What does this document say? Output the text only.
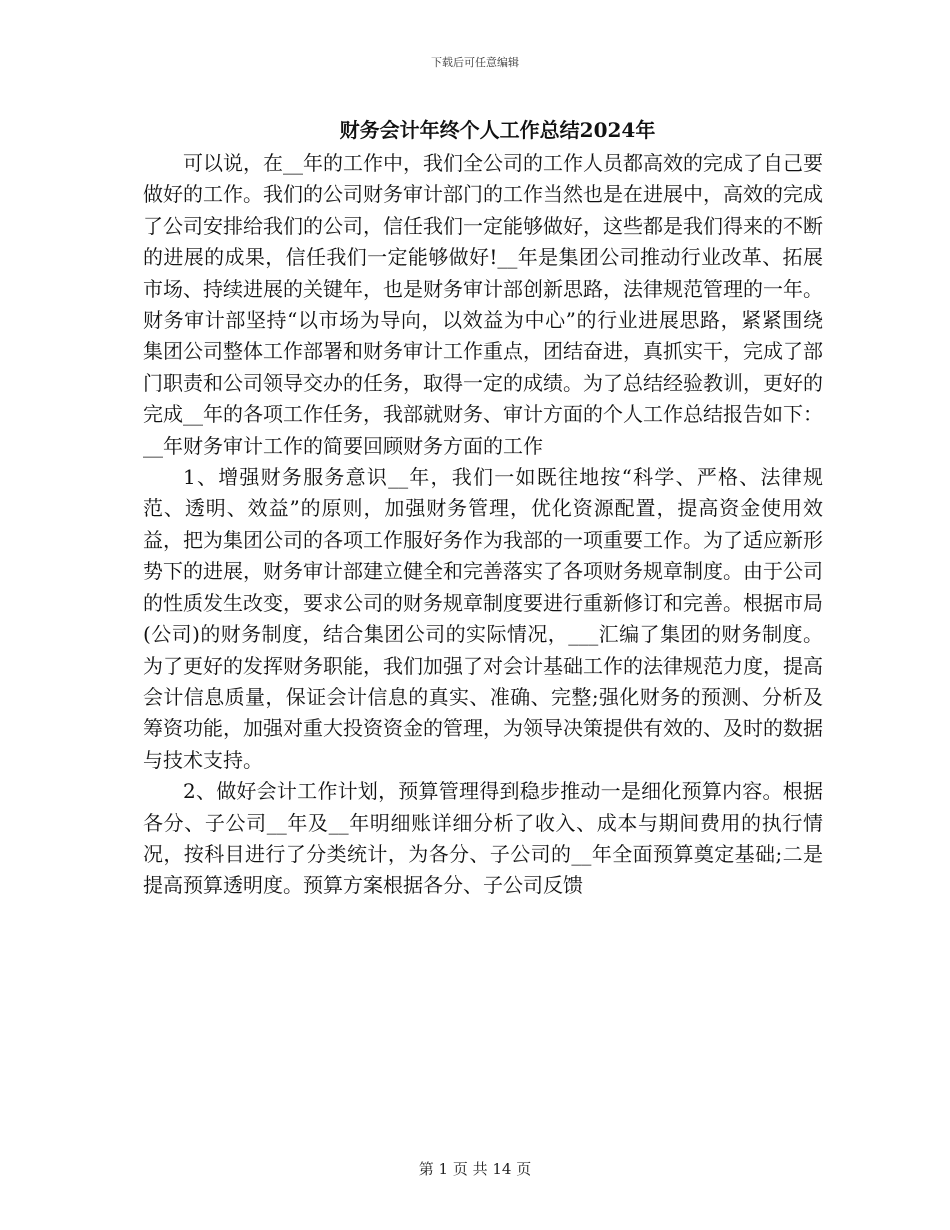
下载后可任意编辑
财务会计年终个人工作总结2024年

可以说，在__年的工作中，我们全公司的工作人员都高效的完成了自己要做好的工作。我们的公司财务审计部门的工作当然也是在进展中，高效的完成了公司安排给我们的公司，信任我们一定能够做好，这些都是我们得来的不断的进展的成果，信任我们一定能够做好!__年是集团公司推动行业改革、拓展市场、持续进展的关键年，也是财务审计部创新思路，法律规范管理的一年。财务审计部坚持“以市场为导向，以效益为中心”的行业进展思路，紧紧围绕集团公司整体工作部署和财务审计工作重点，团结奋进，真抓实干，完成了部门职责和公司领导交办的任务，取得一定的成绩。为了总结经验教训，更好的完成__年的各项工作任务，我部就财务、审计方面的个人工作总结报告如下：__年财务审计工作的简要回顾财务方面的工作

1、增强财务服务意识__年，我们一如既往地按“科学、严格、法律规范、透明、效益”的原则，加强财务管理，优化资源配置，提高资金使用效益，把为集团公司的各项工作服好务作为我部的一项重要工作。为了适应新形势下的进展，财务审计部建立健全和完善落实了各项财务规章制度。由于公司的性质发生改变，要求公司的财务规章制度要进行重新修订和完善。根据市局(公司)的财务制度，结合集团公司的实际情况，___汇编了集团的财务制度。为了更好的发挥财务职能，我们加强了对会计基础工作的法律规范力度，提高会计信息质量，保证会计信息的真实、准确、完整;强化财务的预测、分析及筹资功能，加强对重大投资资金的管理，为领导决策提供有效的、及时的数据与技术支持。

2、做好会计工作计划，预算管理得到稳步推动一是细化预算内容。根据各分、子公司__年及__年明细账详细分析了收入、成本与期间费用的执行情况，按科目进行了分类统计，为各分、子公司的__年全面预算奠定基础;二是提高预算透明度。预算方案根据各分、子公司反馈

第 1 页 共 14 页
